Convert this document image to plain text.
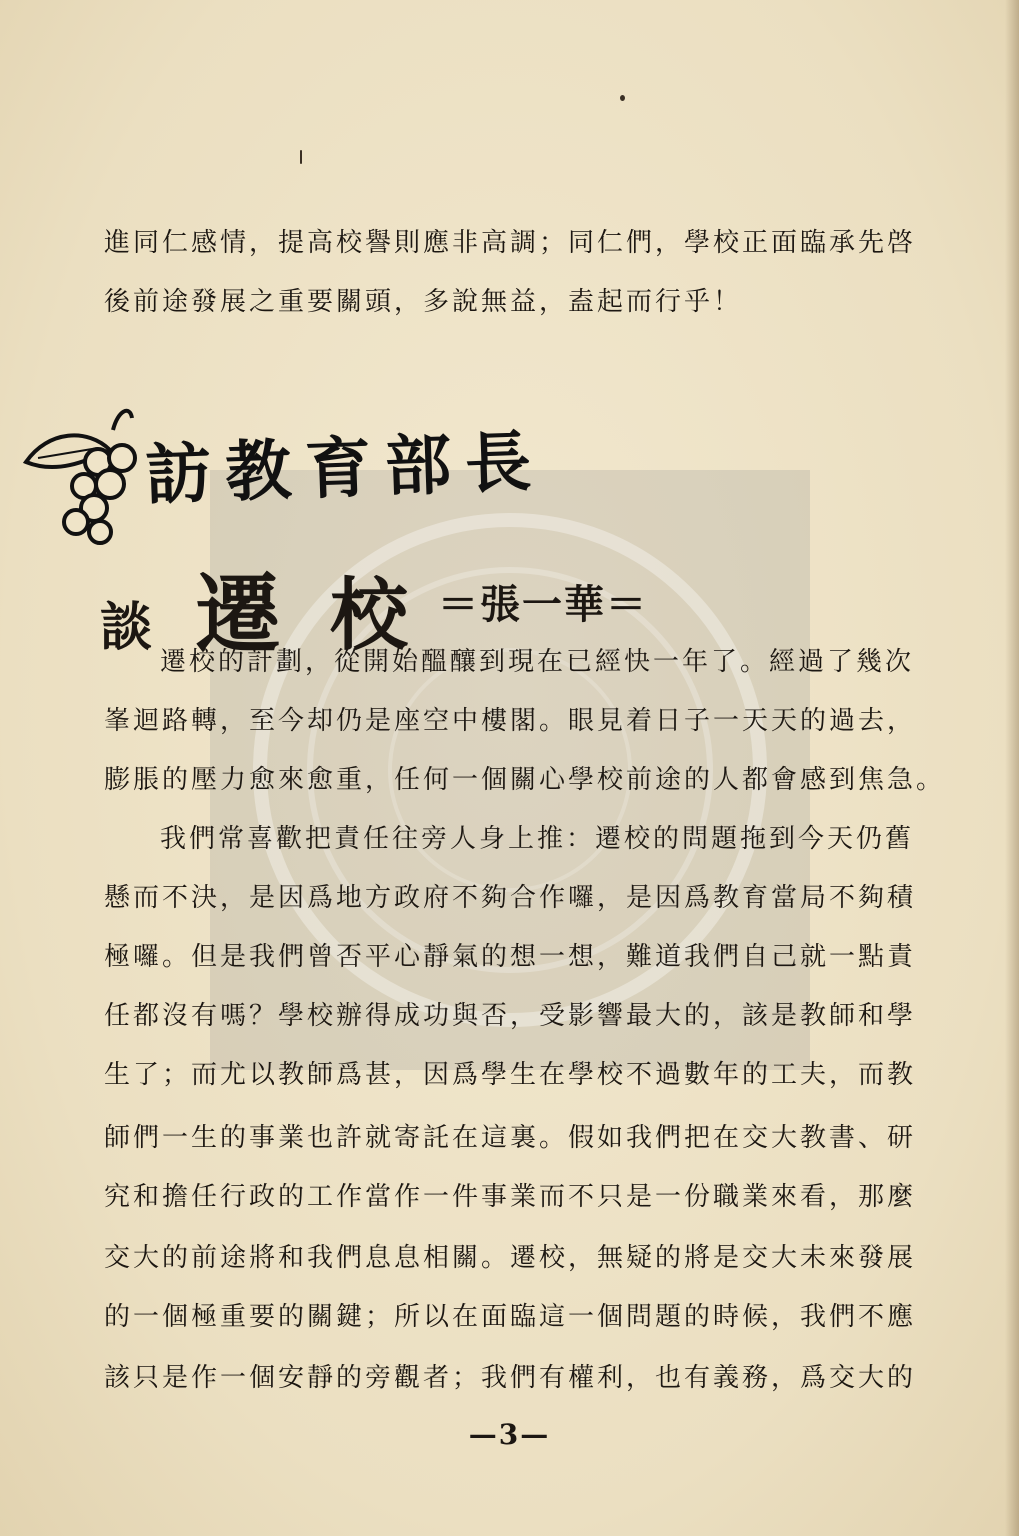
進同仁感情，提高校譽則應非高調；同仁們，學校正面臨承先啓
後前途發展之重要關頭，多說無益，盍起而行乎！
訪教育部長
談 遷 校 ＝張一華＝
遷校的計劃，從開始醞釀到現在已經快一年了。經過了幾次
峯迴路轉，至今却仍是座空中樓閣。眼見着日子一天天的過去，
膨脹的壓力愈來愈重，任何一個關心學校前途的人都會感到焦急。
我們常喜歡把責任往旁人身上推：遷校的問題拖到今天仍舊
懸而不決，是因爲地方政府不夠合作囉，是因爲教育當局不夠積
極囉。但是我們曾否平心靜氣的想一想，難道我們自己就一點責
任都沒有嗎？學校辦得成功與否，受影響最大的，該是教師和學
生了；而尤以教師爲甚，因爲學生在學校不過數年的工夫，而教
師們一生的事業也許就寄託在這裏。假如我們把在交大教書、研
究和擔任行政的工作當作一件事業而不只是一份職業來看，那麼
交大的前途將和我們息息相關。遷校，無疑的將是交大未來發展
的一個極重要的關鍵；所以在面臨這一個問題的時候，我們不應
該只是作一個安靜的旁觀者；我們有權利，也有義務，爲交大的
—3—
